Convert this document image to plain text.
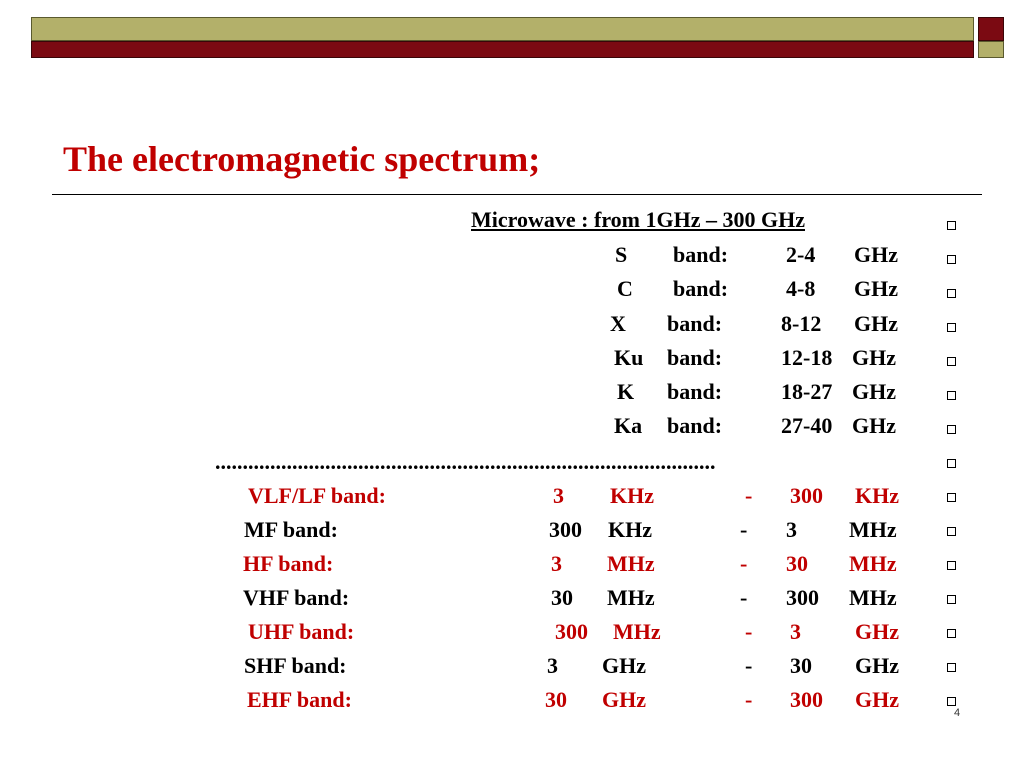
The electromagnetic spectrum;
Microwave : from 1GHz – 300 GHz
S band:	2-4 GHz
C band:	4-8 GHz
X band:	8-12 GHz
Ku band:	12-18 GHz
K band:	18-27 GHz
Ka band:	27-40 GHz
...........................................................................................
VLF/LF band:	3 KHz	- 300 KHz
MF band:	300 KHz	- 3 MHz
HF band:	3 MHz	- 30 MHz
VHF band:	30 MHz	- 300 MHz
UHF band:	300 MHz	- 3 GHz
SHF band:	3 GHz	- 30 GHz
EHF band:	30 GHz	- 300 GHz
4
